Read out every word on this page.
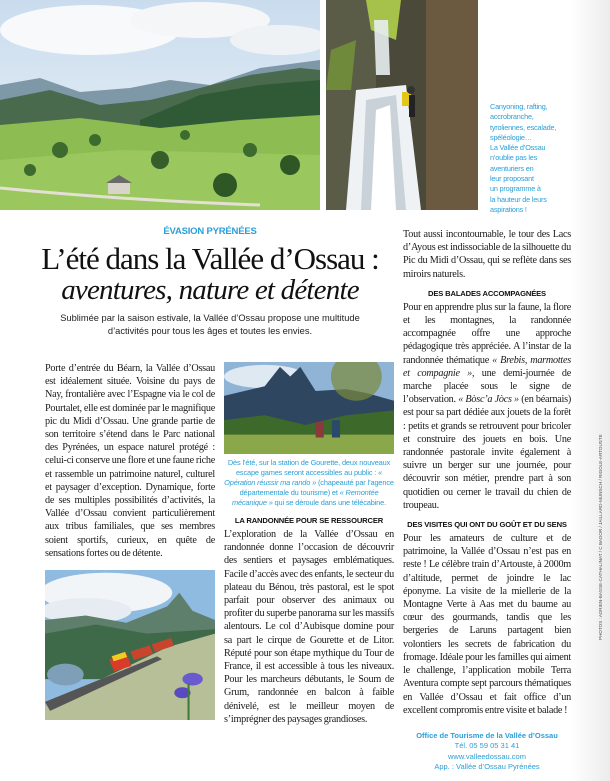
Canyoning, rafting,
accrobranche,
tyroliennes, escalade,
spéléologie…
La Vallée d’Ossau
n’oublie pas les
aventuriers en
leur proposant
un programme à
la hauteur de leurs
aspirations !
ÉVASION PYRÉNÉES
L’été dans la Vallée d’Ossau :
aventures, nature et détente
Sublimée par la saison estivale, la Vallée d’Ossau propose une multitude
d’activités pour tous les âges et toutes les envies.
Porte d’entrée du Béarn, la Vallée d’Ossau est idéalement située. Voisine du pays de Nay, frontalière avec l’Espagne via le col de Pourtalet, elle est dominée par le magnifique pic du Midi d’Ossau. Une grande partie de son territoire s’étend dans le Parc national des Pyrénées, un espace naturel protégé : celui-ci conserve une flore et une faune riche et rassemble un patrimoine naturel, culturel et paysager d’exception. Dynamique, forte de ses multiples possibilités d’activités, la Vallée d’Ossau convient particulièrement aux tribus familiales, que ses membres soient sportifs, curieux, en quête de sensations fortes ou de détente.
Dès l’été, sur la station de Gourette, deux nouveaux escape games seront accessibles au public : « Opération réussir ma rando » (chapeauté par l’agence départementale du tourisme) et « Remontée mécanique » qui se déroule dans une télécabine.
LA RANDONNÉE POUR SE RESSOURCER
L’exploration de la Vallée d’Ossau en randonnée donne l’occasion de découvrir des sentiers et paysages emblématiques. Facile d’accès avec des enfants, le secteur du plateau du Bénou, très pastoral, est le spot parfait pour observer des animaux ou profiter du superbe panorama sur les massifs alentours. Le col d’Aubisque domine pour sa part le cirque de Gourette et de Litor. Réputé pour son étape mythique du Tour de France, il est accessible à tous les niveaux. Pour les marcheurs débutants, le Soum de Grum, randonnée en balcon à faible dénivelé, est le meilleur moyen de s’imprégner des paysages grandioses.
Tout aussi incontournable, le tour des Lacs d’Ayous est indissociable de la silhouette du Pic du Midi d’Ossau, qui se reflète dans ses miroirs naturels.
DES BALADES ACCOMPAGNÉES
Pour en apprendre plus sur la faune, la flore et les montagnes, la randonnée accompagnée offre une approche pédagogique très appréciée. A l’instar de la randonnée thématique « Brebis, marmottes et compagnie », une demi-journée de marche placée sous le signe de l’observation. « Bòsc’a Jòcs » (en béarnais) est pour sa part dédiée aux jouets de la forêt : petits et grands se retrouvent pour bricoler et construire des jouets en bois. Une randonnée pastorale invite également à suivre un berger sur une journée, pour découvrir son métier, prendre part à son quotidien ou cerner le travail du chien de troupeau.
DES VISITES QUI ONT DU GOÛT ET DU SENS
Pour les amateurs de culture et de patrimoine, la Vallée d’Ossau n’est pas en reste ! Le célèbre train d’Artouste, à 2000m d’altitude, permet de joindre le lac éponyme. La visite de la miellerie de la Montagne Verte à Aas met du baume au cœur des gourmands, tandis que les bergeries de Laruns partagent bien volontiers les secrets de fabrication du fromage. Idéale pour les familles qui aiment le challenge, l’application mobile Terra Aventura compte sept parcours thématiques en Vallée d’Ossau et fait office d’un excellent compromis entre visite et balade !
Office de Tourisme de la Vallée d’Ossau
Tél. 05 59 05 31 41
www.valleedossau.com
App. : Vallée d’Ossau Pyrénées
PHOTOS : ADRIEN-BASSE-CATHALINAT / C BADOR / JAILLARD-MUNSCH / RIGOLE-ARTOUSTE
